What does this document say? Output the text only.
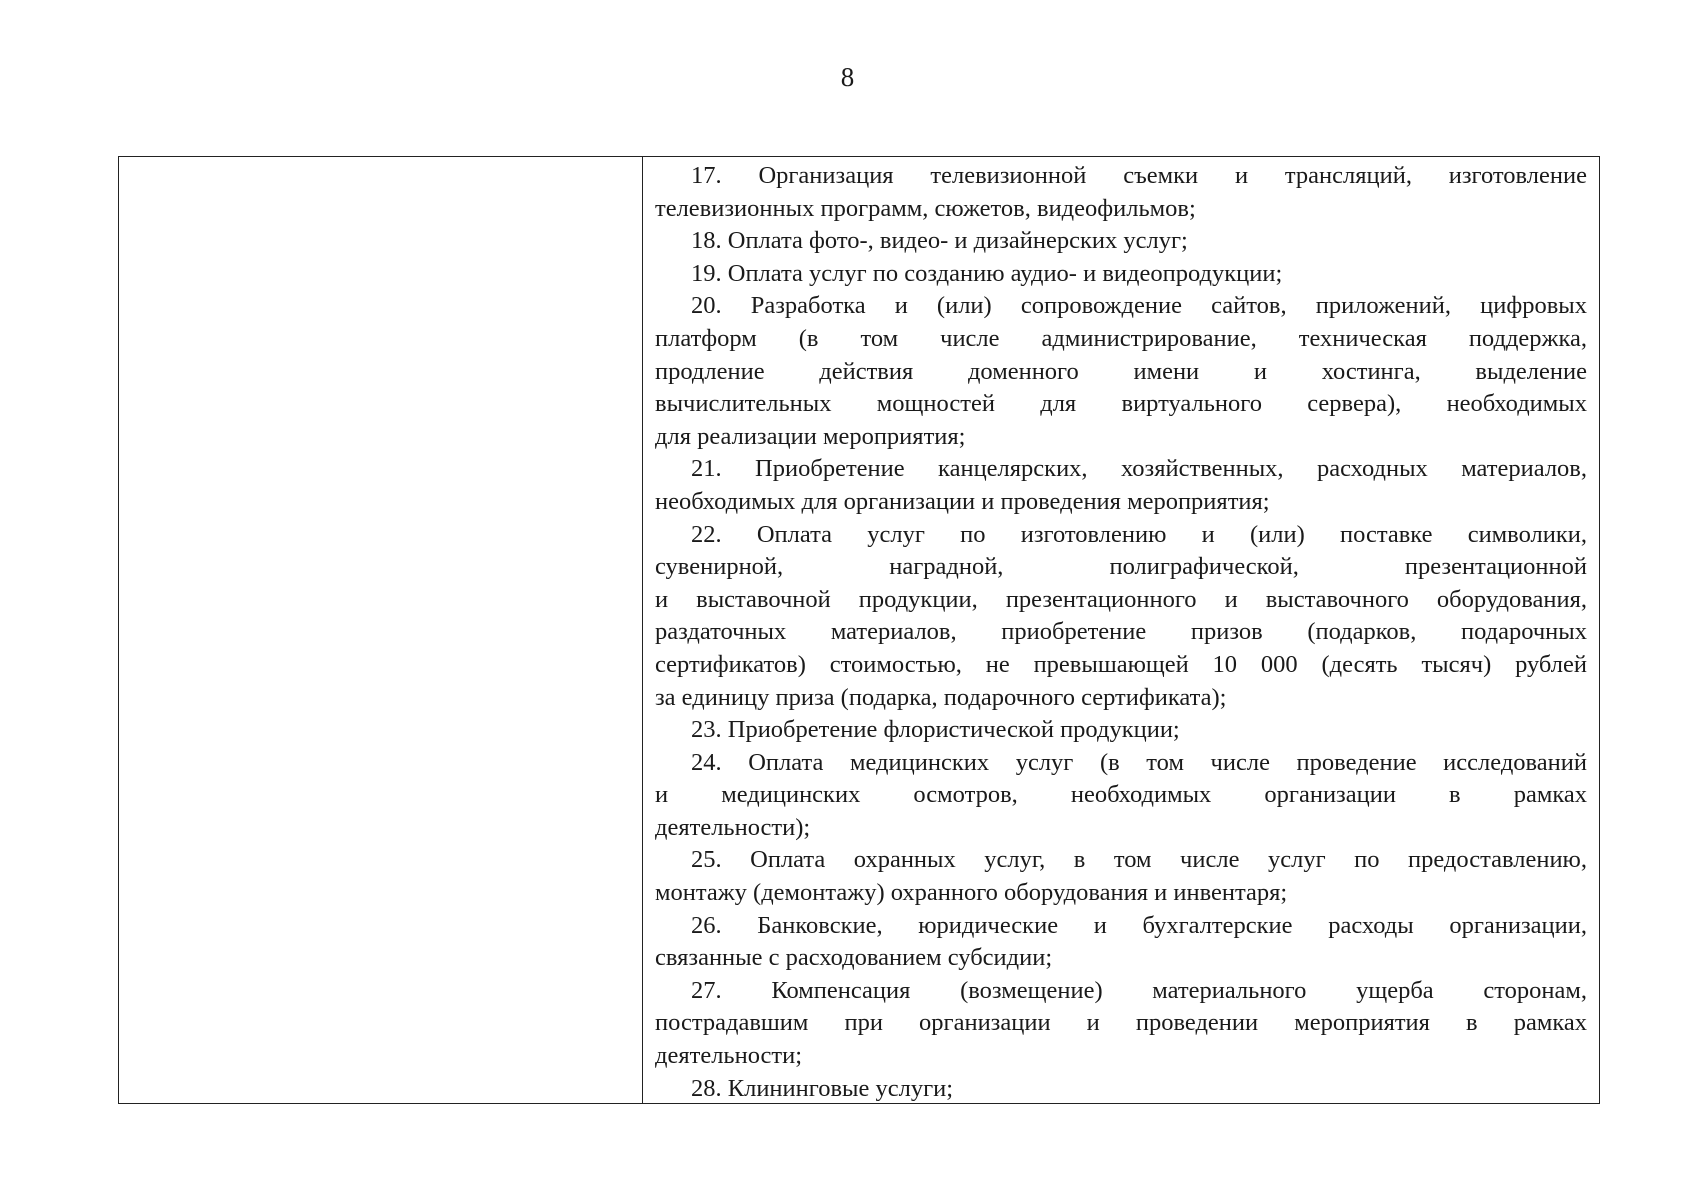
8
17. Организация телевизионной съемки и трансляций, изготовление
телевизионных программ, сюжетов, видеофильмов;
18. Оплата фото-, видео- и дизайнерских услуг;
19. Оплата услуг по созданию аудио- и видеопродукции;
20. Разработка и (или) сопровождение сайтов, приложений, цифровых
платформ (в том числе администрирование, техническая поддержка,
продление действия доменного имени и хостинга, выделение
вычислительных мощностей для виртуального сервера), необходимых
для реализации мероприятия;
21. Приобретение канцелярских, хозяйственных, расходных материалов,
необходимых для организации и проведения мероприятия;
22. Оплата услуг по изготовлению и (или) поставке символики,
сувенирной, наградной, полиграфической, презентационной
и выставочной продукции, презентационного и выставочного оборудования,
раздаточных материалов, приобретение призов (подарков, подарочных
сертификатов) стоимостью, не превышающей 10 000 (десять тысяч) рублей
за единицу приза (подарка, подарочного сертификата);
23. Приобретение флористической продукции;
24. Оплата медицинских услуг (в том числе проведение исследований
и медицинских осмотров, необходимых организации в рамках
деятельности);
25. Оплата охранных услуг, в том числе услуг по предоставлению,
монтажу (демонтажу) охранного оборудования и инвентаря;
26. Банковские, юридические и бухгалтерские расходы организации,
связанные с расходованием субсидии;
27. Компенсация (возмещение) материального ущерба сторонам,
пострадавшим при организации и проведении мероприятия в рамках
деятельности;
28. Клининговые услуги;
